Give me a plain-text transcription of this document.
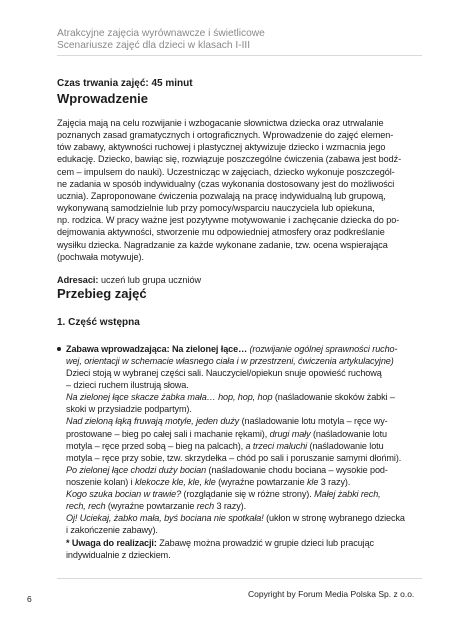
Atrakcyjne zajęcia wyrównawcze i świetlicowe
Scenariusze zajęć dla dzieci w klasach I-III
Czas trwania zajęć: 45 minut
Wprowadzenie
Zajęcia mają na celu rozwijanie i wzbogacanie słownictwa dziecka oraz utrwalanie
poznanych zasad gramatycznych i ortograficznych. Wprowadzenie do zajęć elemen-
tów zabawy, aktywności ruchowej i plastycznej aktywizuje dziecko i wzmacnia jego
edukację. Dziecko, bawiąc się, rozwiązuje poszczególne ćwiczenia (zabawa jest bodź-
cem – impulsem do nauki). Uczestnicząc w zajęciach, dziecko wykonuje poszczegól-
ne zadania w sposób indywidualny (czas wykonania dostosowany jest do możliwości
ucznia). Zaproponowane ćwiczenia pozwalają na pracę indywidualną lub grupową,
wykonywaną samodzielnie lub przy pomocy/wsparciu nauczyciela lub opiekuna,
np. rodzica. W pracy ważne jest pozytywne motywowanie i zachęcanie dziecka do po-
dejmowania aktywności, stworzenie mu odpowiedniej atmosfery oraz podkreślanie
wysiłku dziecka. Nagradzanie za każde wykonane zadanie, tzw. ocena wspierająca
(pochwała motywuje).
Adresaci: uczeń lub grupa uczniów
Przebieg zajęć
1. Część wstępna
Zabawa wprowadzająca: Na zielonej łące… (rozwijanie ogólnej sprawności rucho-
wej, orientacji w schemacie własnego ciała i w przestrzeni, ćwiczenia artykulacyjne)
Dzieci stoją w wybranej części sali. Nauczyciel/opiekun snuje opowieść ruchową
– dzieci ruchem ilustrują słowa.
Na zielonej łące skacze żabka mała… hop, hop, hop (naśladowanie skoków żabki –
skoki w przysiadzie podpartym).
Nad zieloną łąką fruwają motyle, jeden duży (naśladowanie lotu motyla – ręce wy-
prostowane – bieg po całej sali i machanie rękami), drugi mały (naśladowanie lotu
motyla – ręce przed sobą – bieg na palcach), a trzeci maluchi (naśladowanie lotu
motyla – ręce przy sobie, tzw. skrzydełka – chód po sali i poruszanie samymi dłońmi).
Po zielonej łące chodzi duży bocian (naśladowanie chodu bociana – wysokie pod-
noszenie kolan) i klekocze kle, kle, kle (wyraźne powtarzanie kle 3 razy).
Kogo szuka bocian w trawie? (rozglądanie się w różne strony). Małej żabki rech,
rech, rech (wyraźne powtarzanie rech 3 razy).
Oj! Uciekaj, żabko mała, byś bociana nie spotkała! (ukłon w stronę wybranego dziecka
i zakończenie zabawy).
* Uwaga do realizacji: Zabawę można prowadzić w grupie dzieci lub pracując
indywidualnie z dzieckiem.
6	Copyright by Forum Media Polska Sp. z o.o.
